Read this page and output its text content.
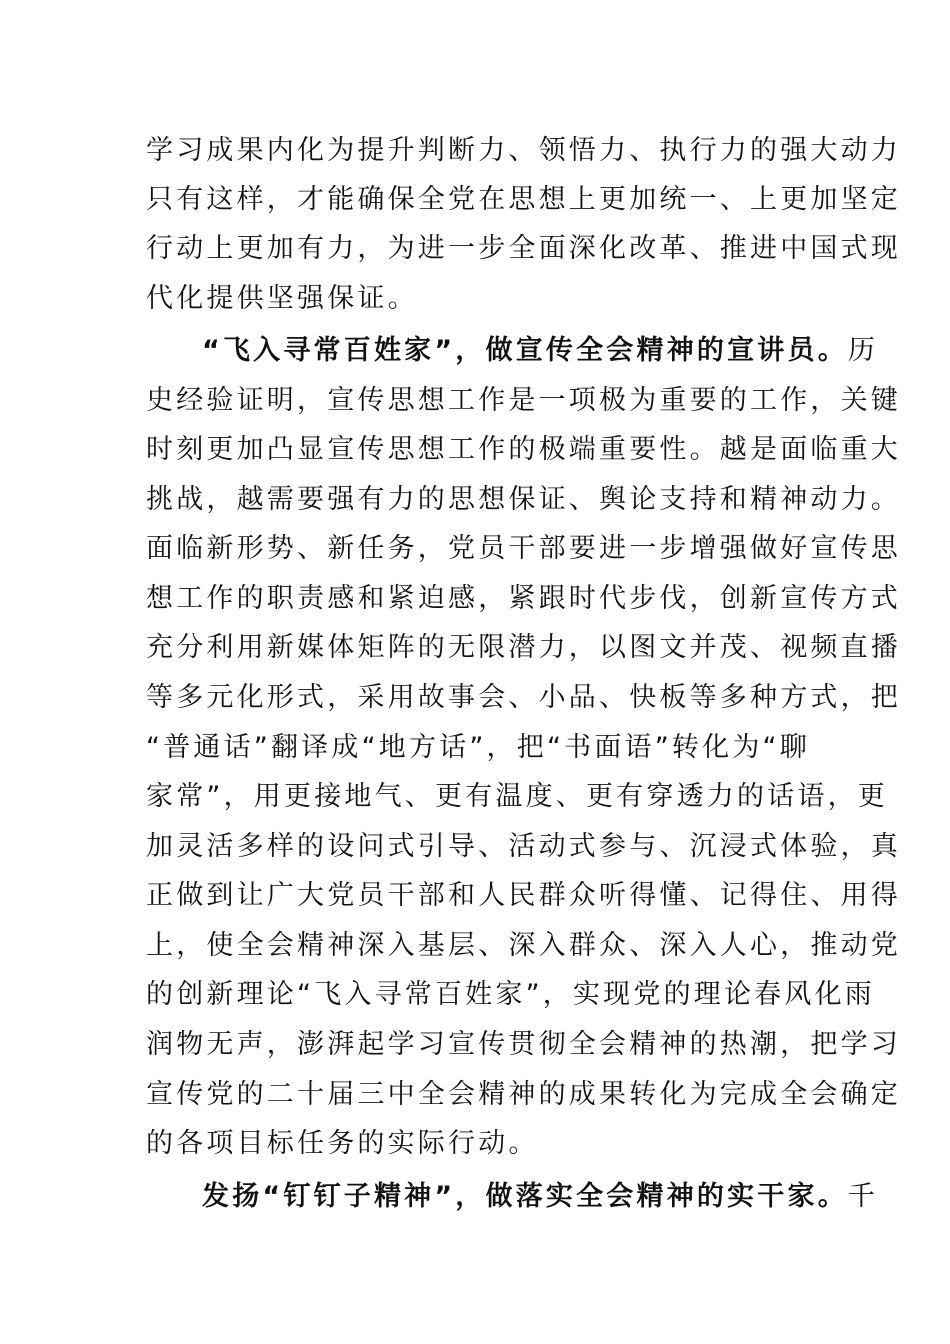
学习成果内化为提升判断力、领悟力、执行力的强大动力
只有这样，才能确保全党在思想上更加统一、上更加坚定
行动上更加有力，为进一步全面深化改革、推进中国式现
代化提供坚强保证。
“飞入寻常百姓家”，做宣传全会精神的宣讲员。历
史经验证明，宣传思想工作是一项极为重要的工作，关键
时刻更加凸显宣传思想工作的极端重要性。越是面临重大
挑战，越需要强有力的思想保证、舆论支持和精神动力。
面临新形势、新任务，党员干部要进一步增强做好宣传思
想工作的职责感和紧迫感，紧跟时代步伐，创新宣传方式
充分利用新媒体矩阵的无限潜力，以图文并茂、视频直播
等多元化形式，采用故事会、小品、快板等多种方式，把
“普通话”翻译成“地方话”，把“书面语”转化为“聊
家常”，用更接地气、更有温度、更有穿透力的话语，更
加灵活多样的设问式引导、活动式参与、沉浸式体验，真
正做到让广大党员干部和人民群众听得懂、记得住、用得
上，使全会精神深入基层、深入群众、深入人心，推动党
的创新理论“飞入寻常百姓家”，实现党的理论春风化雨
润物无声，澎湃起学习宣传贯彻全会精神的热潮，把学习
宣传党的二十届三中全会精神的成果转化为完成全会确定
的各项目标任务的实际行动。
发扬“钉钉子精神”，做落实全会精神的实干家。千
